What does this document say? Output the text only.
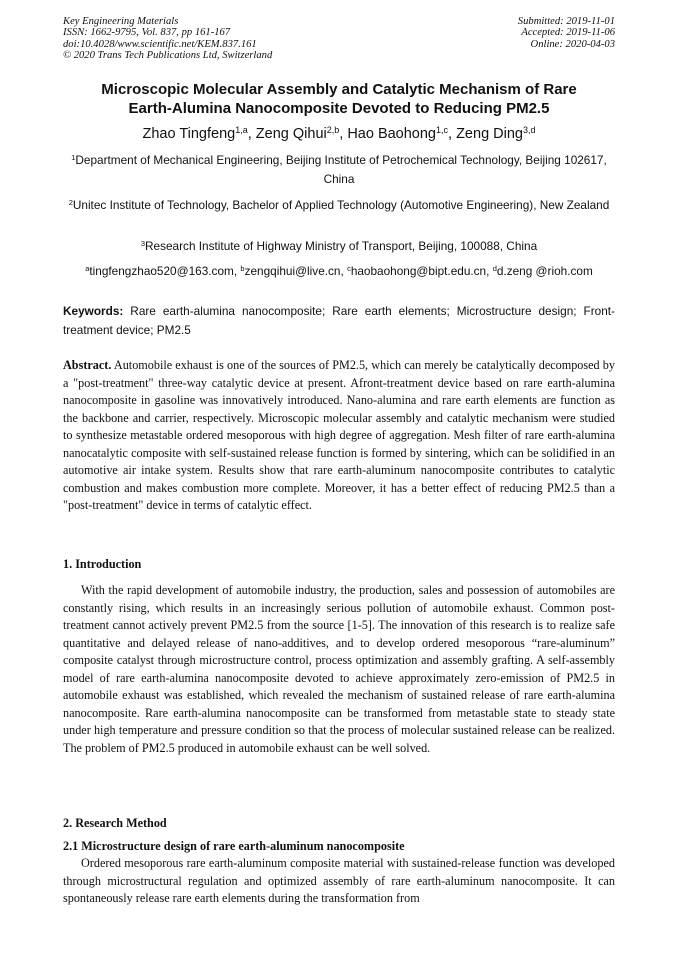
Key Engineering Materials
ISSN: 1662-9795, Vol. 837, pp 161-167
doi:10.4028/www.scientific.net/KEM.837.161
© 2020 Trans Tech Publications Ltd, Switzerland
Submitted: 2019-11-01
Accepted: 2019-11-06
Online: 2020-04-03
Microscopic Molecular Assembly and Catalytic Mechanism of Rare
Earth-Alumina Nanocomposite Devoted to Reducing PM2.5
Zhao Tingfeng$^{1,a}$, Zeng Qihui$^{2,b}$, Hao Baohong$^{1,c}$, Zeng Ding$^{3,d}$
$^1$Department of Mechanical Engineering, Beijing Institute of Petrochemical Technology, Beijing 102617, China
$^2$Unitec Institute of Technology, Bachelor of Applied Technology (Automotive Engineering), New Zealand
$^3$Research Institute of Highway Ministry of Transport, Beijing, 100088, China
$^a$tingfengzhao520@163.com, $^b$zengqihui@live.cn, $^c$haobaohong@bipt.edu.cn, $^d$d.zeng @rioh.com
Keywords: Rare earth-alumina nanocomposite; Rare earth elements; Microstructure design; Front-treatment device; PM2.5
Abstract. Automobile exhaust is one of the sources of PM2.5, which can merely be catalytically decomposed by a "post-treatment" three-way catalytic device at present. Afront-treatment device based on rare earth-alumina nanocomposite in gasoline was innovatively introduced. Nano-alumina and rare earth elements are function as the backbone and carrier, respectively. Microscopic molecular assembly and catalytic mechanism were studied to synthesize metastable ordered mesoporous with high degree of aggregation. Mesh filter of rare earth-alumina nanocatalytic composite with self-sustained release function is formed by sintering, which can be solidified in an automotive air intake system. Results show that rare earth-aluminum nanocomposite contributes to catalytic combustion and makes combustion more complete. Moreover, it has a better effect of reducing PM2.5 than a "post-treatment" device in terms of catalytic effect.
1. Introduction
With the rapid development of automobile industry, the production, sales and possession of automobiles are constantly rising, which results in an increasingly serious pollution of automobile exhaust. Common post-treatment cannot actively prevent PM2.5 from the source [1-5]. The innovation of this research is to realize safe quantitative and delayed release of nano-additives, and to develop ordered mesoporous “rare-aluminum” composite catalyst through microstructure control, process optimization and assembly grafting. A self-assembly model of rare earth-alumina nanocomposite devoted to achieve approximately zero-emission of PM2.5 in automobile exhaust was established, which revealed the mechanism of sustained release of rare earth-alumina nanocomposite. Rare earth-alumina nanocomposite can be transformed from metastable state to steady state under high temperature and pressure condition so that the process of molecular sustained release can be realized. The problem of PM2.5 produced in automobile exhaust can be well solved.
2. Research Method
2.1 Microstructure design of rare earth-aluminum nanocomposite
Ordered mesoporous rare earth-aluminum composite material with sustained-release function was developed through microstructural regulation and optimized assembly of rare earth-aluminum nanocomposite. It can spontaneously release rare earth elements during the transformation from
